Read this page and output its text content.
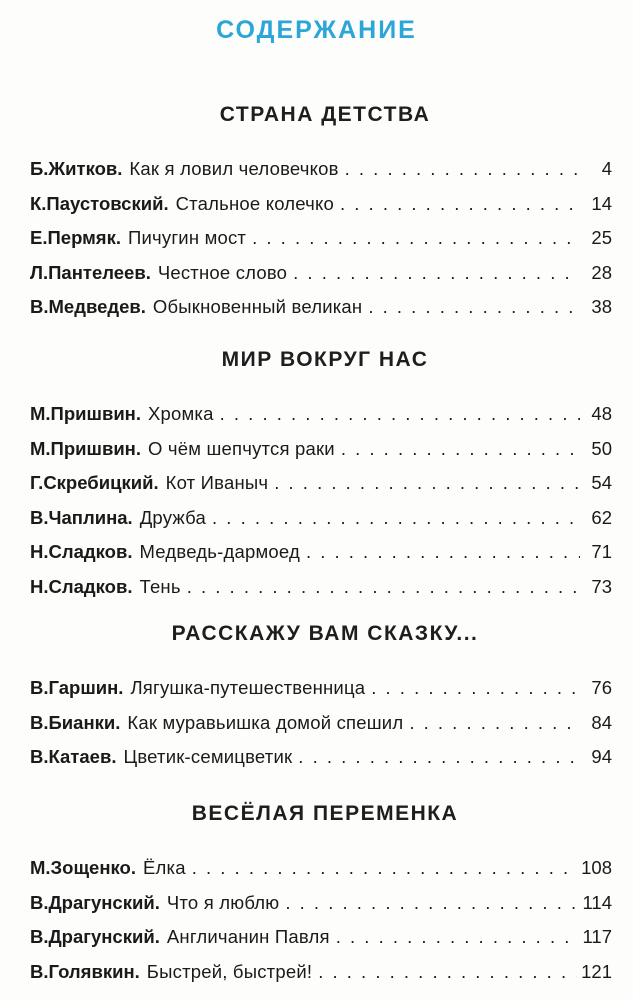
СОДЕРЖАНИЕ
СТРАНА ДЕТСТВА
Б.Житков. Как я ловил человечков . . .	4
К.Паустовский. Стальное колечко . . .	14
Е.Пермяк. Пичугин мост . . .	25
Л.Пантелеев. Честное слово . . .	28
В.Медведев. Обыкновенный великан . . .	38
МИР ВОКРУГ НАС
М.Пришвин. Хромка . . .	48
М.Пришвин. О чём шепчутся раки . . .	50
Г.Скребицкий. Кот Иваныч . . .	54
В.Чаплина. Дружба . . .	62
Н.Сладков. Медведь-дармоед . . .	71
Н.Сладков. Тень . . .	73
РАССКАЖУ ВАМ СКАЗКУ...
В.Гаршин. Лягушка-путешественница . . .	76
В.Бианки. Как муравьишка домой спешил . . .	84
В.Катаев. Цветик-семицветик . . .	94
ВЕСЁЛАЯ ПЕРЕМЕНКА
М.Зощенко. Ёлка . . .	108
В.Драгунский. Что я люблю . . .	114
В.Драгунский. Англичанин Павля . . .	117
В.Голявкин. Быстрей, быстрей! . . .	121
